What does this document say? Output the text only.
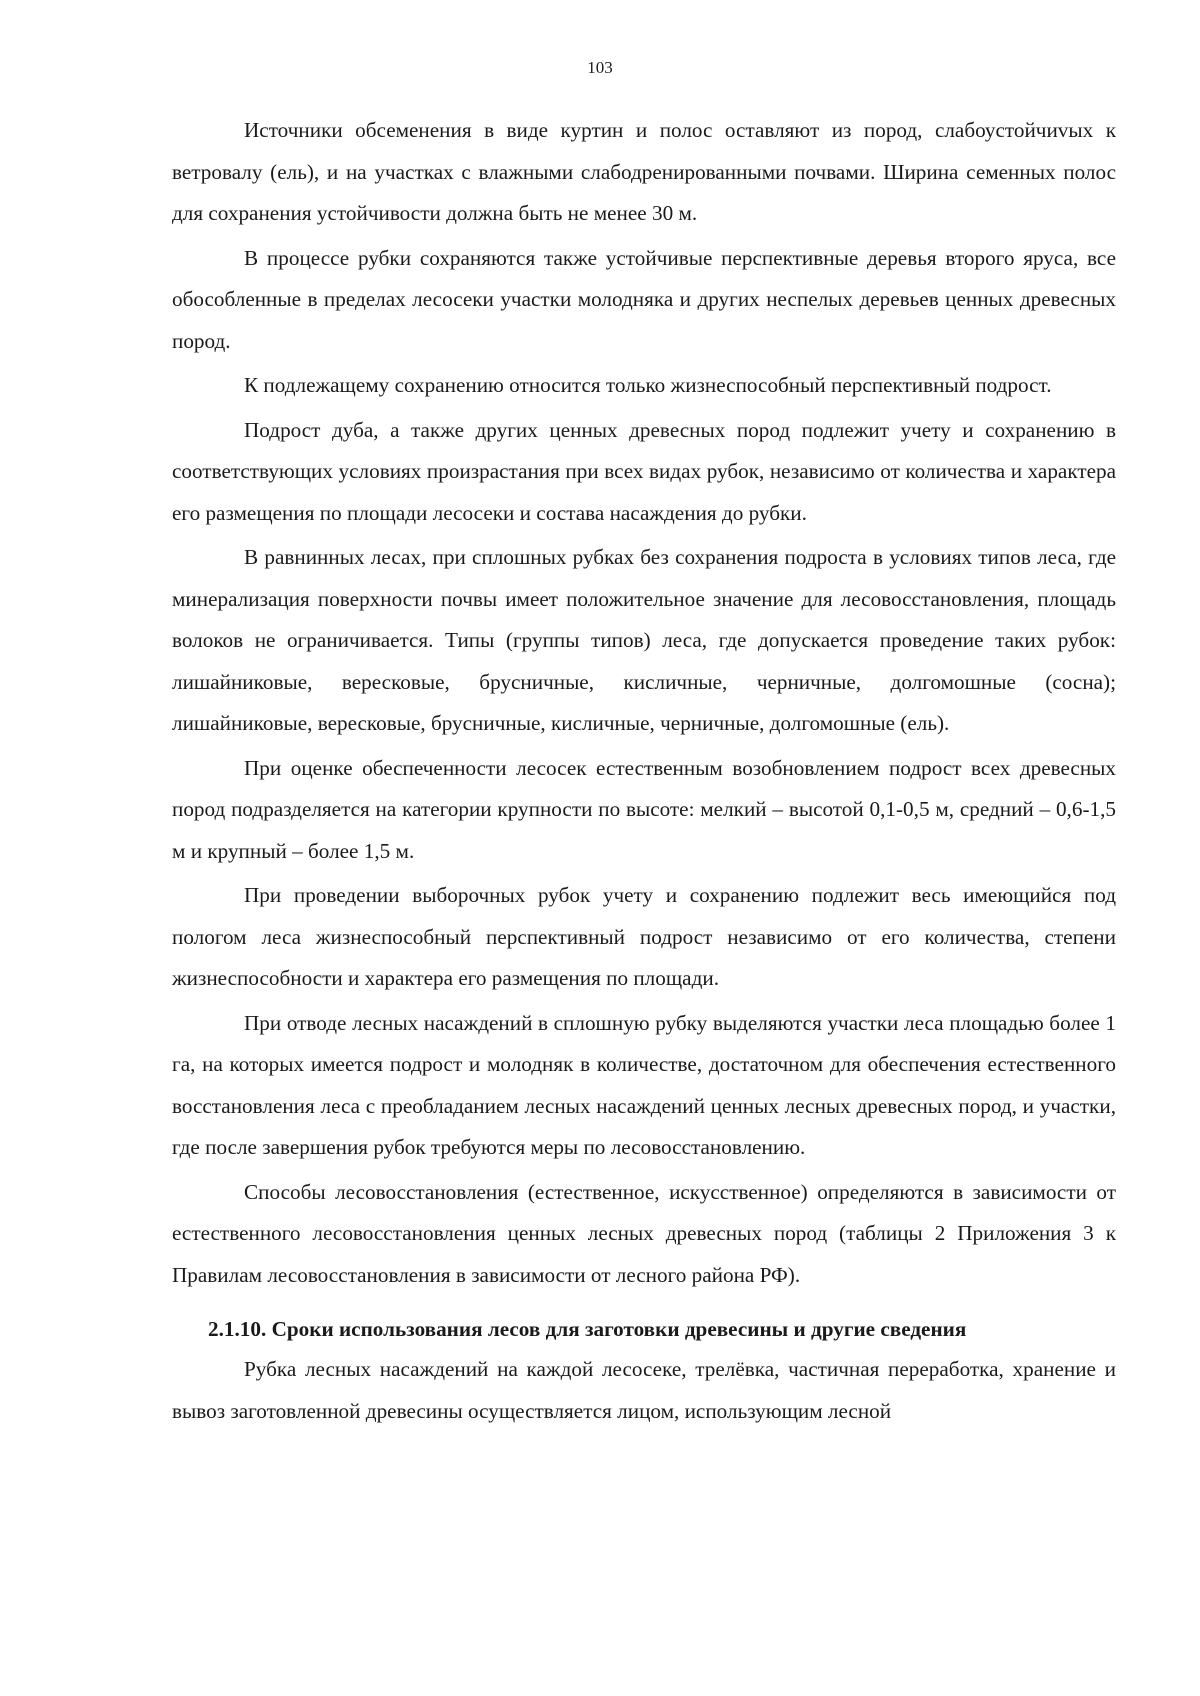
103

Источники обсеменения в виде куртин и полос оставляют из пород, слабоустойчиvых к ветровалу (ель), и на участках с влажными слабодренированными почвами. Ширина семенных полос для сохранения устойчивости должна быть не менее 30 м.

В процессе рубки сохраняются также устойчивые перспективные деревья второго яруса, все обособленные в пределах лесосеки участки молодняка и других неспелых деревьев ценных древесных пород.

К подлежащему сохранению относится только жизнеспособный перспективный подрост.

Подрост дуба, а также других ценных древесных пород подлежит учету и сохранению в соответствующих условиях произрастания при всех видах рубок, независимо от количества и характера его размещения по площади лесосеки и состава насаждения до рубки.

В равнинных лесах, при сплошных рубках без сохранения подроста в условиях типов леса, где минерализация поверхности почвы имеет положительное значение для лесовосстановления, площадь волоков не ограничивается. Типы (группы типов) леса, где допускается проведение таких рубок: лишайниковые, вересковые, брусничные, кисличные, черничные, долгомошные (сосна); лишайниковые, вересковые, брусничные, кисличные, черничные, долгомошные (ель).

При оценке обеспеченности лесосек естественным возобновлением подрост всех древесных пород подразделяется на категории крупности по высоте: мелкий – высотой 0,1-0,5 м, средний – 0,6-1,5 м и крупный – более 1,5 м.

При проведении выборочных рубок учету и сохранению подлежит весь имеющийся под пологом леса жизнеспособный перспективный подрост независимо от его количества, степени жизнеспособности и характера его размещения по площади.

При отводе лесных насаждений в сплошную рубку выделяются участки леса площадью более 1 га, на которых имеется подрост и молодняк в количестве, достаточном для обеспечения естественного восстановления леса с преобладанием лесных насаждений ценных лесных древесных пород, и участки, где после завершения рубок требуются меры по лесовосстановлению.

Способы лесовосстановления (естественное, искусственное) определяются в зависимости от естественного лесовосстановления ценных лесных древесных пород (таблицы 2 Приложения 3 к Правилам лесовосстановления в зависимости от лесного района РФ).

2.1.10. Сроки использования лесов для заготовки древесины и другие сведения

Рубка лесных насаждений на каждой лесосеке, трелёвка, частичная переработка, хранение и вывоз заготовленной древесины осуществляется лицом, использующим лесной
